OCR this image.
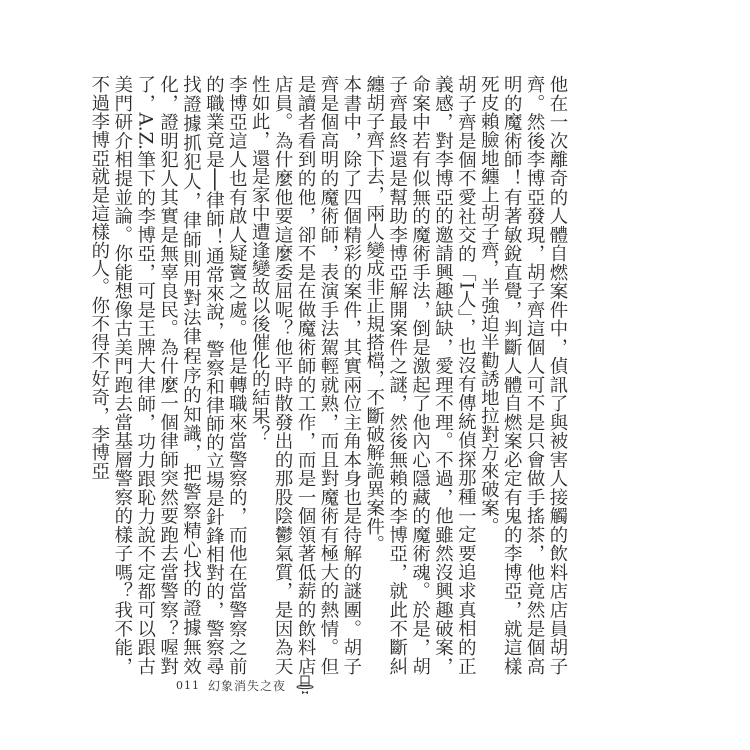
他在一次離奇的人體自燃案件中，偵訊了與被害人接觸的飲料店店員胡子齊。然後李博亞發現，胡子齊這個人可不是只會做手搖茶，他竟然是個高明的魔術師！有著敏銳直覺，判斷人體自燃案必定有鬼的李博亞，就這樣死皮賴臉地纏上胡子齊，半強迫半勸誘地拉對方來破案。

胡子齊是個不愛社交的「I人」，也沒有傳統偵探那種一定要追求真相的正義感，對李博亞的邀請興趣缺缺，愛理不理。不過，他雖然沒興趣破案，命案中若有似無的魔術手法，倒是激起了他內心隱藏的魔術魂。於是，胡子齊最終還是幫助李博亞解開案件之謎，然後無賴的李博亞，就此不斷糾纏胡子齊下去，兩人變成非正規搭檔，不斷破解詭異案件。

本書中，除了四個精彩的案件，其實兩位主角本身也是待解的謎團。胡子齊是個高明的魔術師，表演手法駕輕就熟，而且對魔術有極大的熱情。但是讀者看到的他，卻不是在做魔術師的工作，而是一個領著低薪的飲料店店員。為什麼他要這麼委屈呢？他平時散發出的那股陰鬱氣質，是因為天性如此，還是家中遭逢變故以後催化的結果？

李博亞這人也有啟人疑竇之處。他是轉職來當警察的，而他在當警察之前的職業竟是──律師！通常來說，警察和律師的立場是針鋒相對的，警察尋找證據抓犯人，律師則用對法律程序的知識，把警察精心找的證據無效化，證明犯人其實是無辜良民。為什麼一個律師突然要跑去當警察？喔對了，A.Z.筆下的李博亞，可是王牌大律師，功力跟恥力說不定都可以跟古美門研介相提並論。你能想像古美門跑去當基層警察的樣子嗎？我不能，不過李博亞就是這樣的人。你不得不好奇，李博亞

011 幻象消失之夜
